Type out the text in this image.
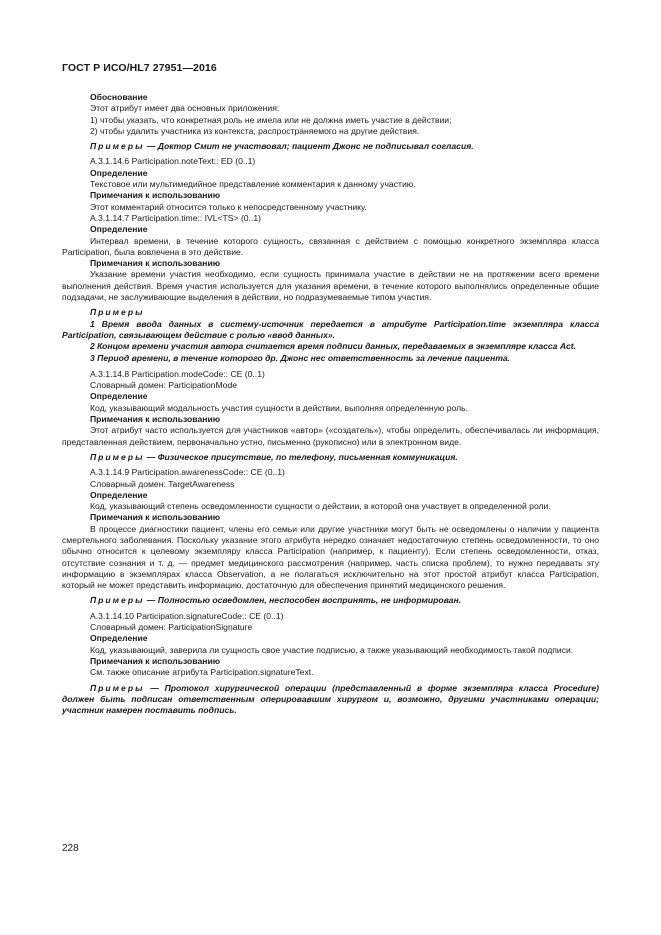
ГОСТ Р ИСО/HL7 27951—2016

Обоснование

Этот атрибут имеет два основных приложения:

1) чтобы указать, что конкретная роль не имела или не должна иметь участие в действии;

2) чтобы удалить участника из контекста, распространяемого на другие действия.

Примеры — Доктор Смит не участвовал; пациент Джонс не подписывал согласия.

A.3.1.14.6 Participation.noteText:: ED (0..1)

Определение

Текстовое или мультимедийное представление комментария к данному участию.

Примечания к использованию

Этот комментарий относится только к непосредственному участнику.

A.3.1.14.7 Participation.time:: IVL<TS> (0..1)

Определение

Интервал времени, в течение которого сущность, связанная с действием с помощью конкретного экземпляра класса Participation, была вовлечена в это действие.

Примечания к использованию

Указание времени участия необходимо, если сущность принимала участие в действии не на протяжении всего времени выполнения действия. Время участия используется для указания времени, в течение которого выполнялись определенные общие подзадачи, не заслуживающие выделения в действии, но подразумеваемые типом участия.

Примеры

1 Время ввода данных в систему-источник передается в атрибуте Participation.time экземпляра класса Participation, связывающем действие с ролью «ввод данных».

2 Концом времени участия автора считается время подписи данных, передаваемых в экземпляре класса Act.

3 Период времени, в течение которого др. Джонс нес ответственность за лечение пациента.

A.3.1.14.8 Participation.modeCode:: CE (0..1)

Словарный домен: ParticipationMode

Определение

Код, указывающий модальность участия сущности в действии, выполняя определенную роль.

Примечания к использованию

Этот атрибут часто используется для участников «автор» («создатель»), чтобы определить, обеспечивалась ли информация, представленная действием, первоначально устно, письменно (рукописно) или в электронном виде.

Примеры — Физическое присутствие, по телефону, письменная коммуникация.

A.3.1.14.9 Participation.awarenessCode:: CE (0..1)

Словарный домен: TargetAwareness

Определение

Код, указывающий степень осведомленности сущности о действии, в которой она участвует в определенной роли.

Примечания к использованию

В процессе диагностики пациент, члены его семьи или другие участники могут быть не осведомлены о наличии у пациента смертельного заболевания. Поскольку указание этого атрибута нередко означает недостаточную степень осведомленности, то оно обычно относится к целевому экземпляру класса Participation (например, к пациенту). Если степень осведомленности, отказ, отсутствие сознания и т. д. — предмет медицинского рассмотрения (например, часть списка проблем), то нужно передавать эту информацию в экземплярах класса Observation, а не полагаться исключительно на этот простой атрибут класса Participation, который не может представить информацию, достаточную для обеспечения принятий медицинского решения.

Примеры — Полностью осведомлен, неспособен воспринять, не информирован.

A.3.1.14.10 Participation.signatureCode:: CE (0..1)

Словарный домен: ParticipationSignature

Определение

Код, указывающий, заверила ли сущность свое участие подписью, а также указывающий необходимость такой подписи.

Примечания к использованию

См. также описание атрибута Participation.signatureText.

Примеры — Протокол хирургической операции (представленный в форме экземпляра класса Procedure) должен быть подписан ответственным оперировавшим хирургом и, возможно, другими участниками операции; участник намерен поставить подпись.

228
